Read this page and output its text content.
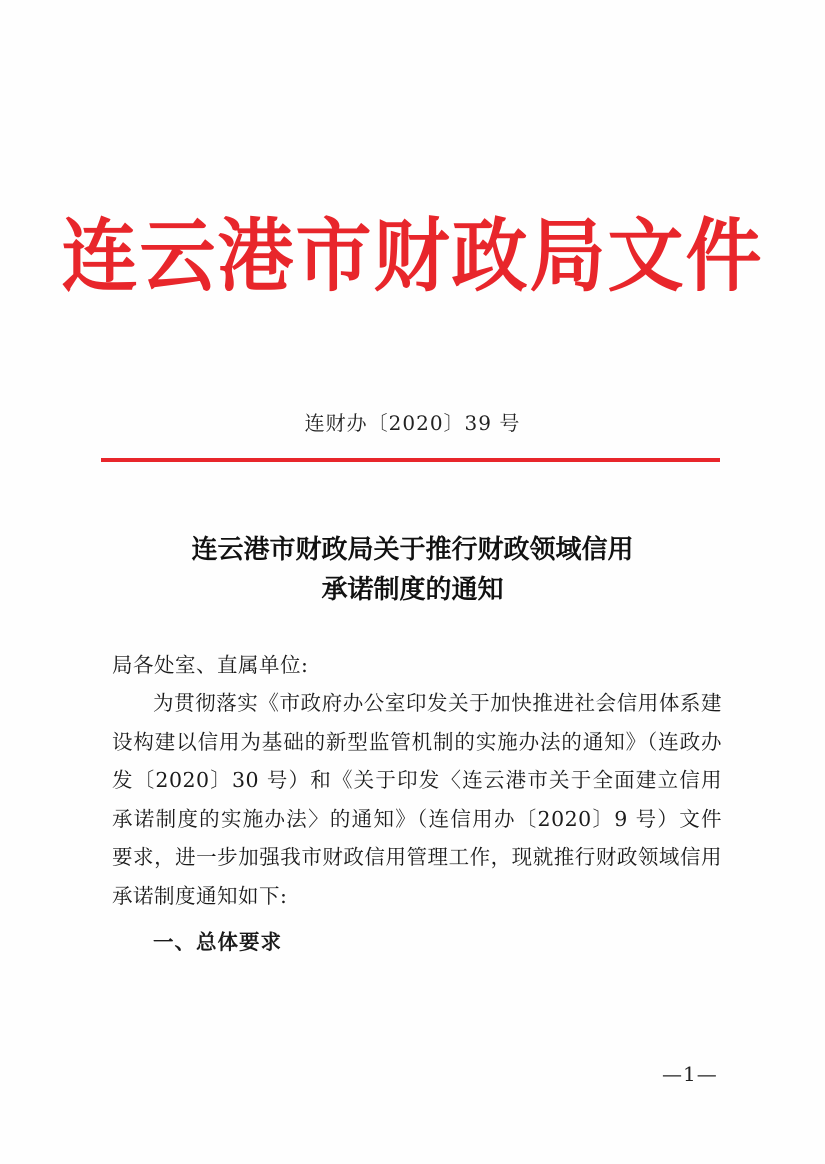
连云港市财政局文件
连财办〔2020〕39 号
连云港市财政局关于推行财政领域信用
承诺制度的通知
局各处室、直属单位:
为贯彻落实《市政府办公室印发关于加快推进社会信用体系建设构建以信用为基础的新型监管机制的实施办法的通知》（连政办发〔2020〕30 号）和《关于印发〈连云港市关于全面建立信用承诺制度的实施办法〉的通知》（连信用办〔2020〕9 号）文件要求，进一步加强我市财政信用管理工作，现就推行财政领域信用承诺制度通知如下:
一、总体要求
—1—
